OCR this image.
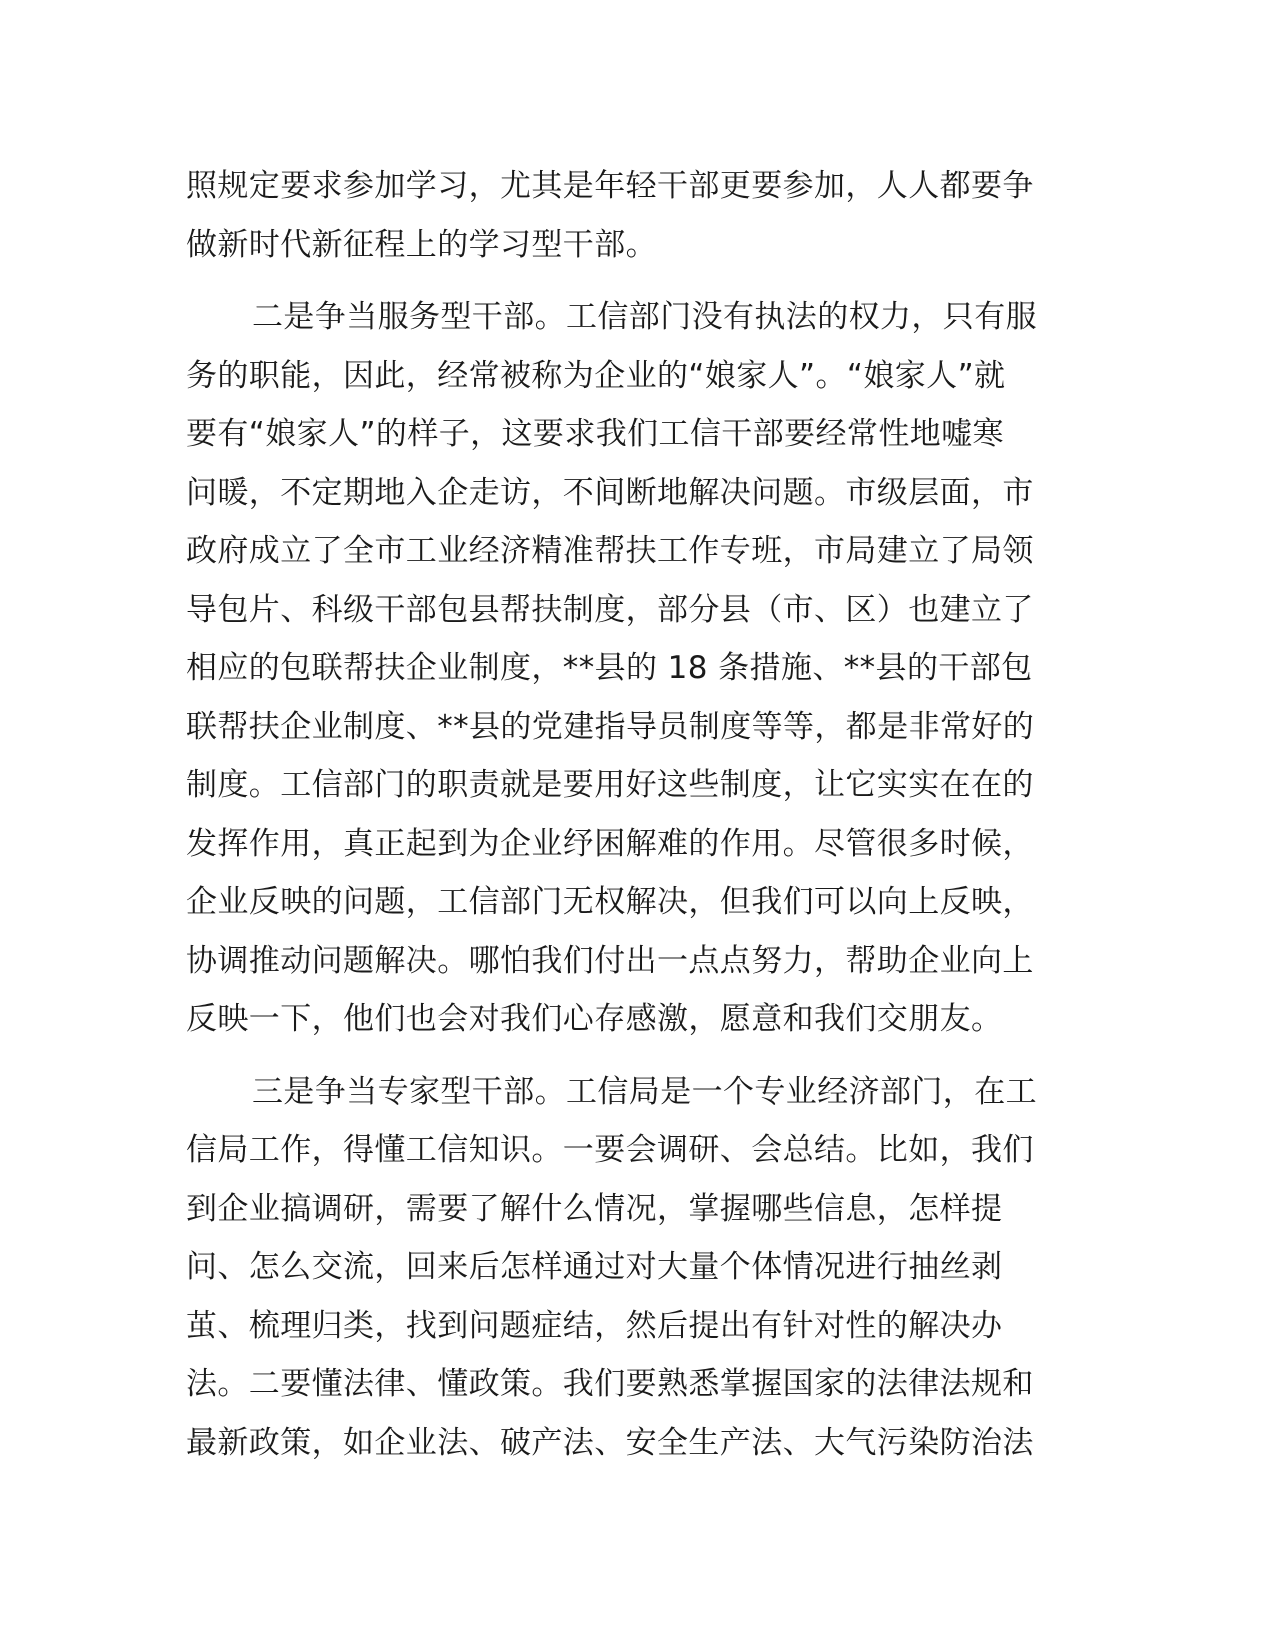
照规定要求参加学习，尤其是年轻干部更要参加，人人都要争
做新时代新征程上的学习型干部。
二是争当服务型干部。工信部门没有执法的权力，只有服
务的职能，因此，经常被称为企业的“娘家人”。“娘家人”就
要有“娘家人”的样子，这要求我们工信干部要经常性地嘘寒
问暖，不定期地入企走访，不间断地解决问题。市级层面，市
政府成立了全市工业经济精准帮扶工作专班，市局建立了局领
导包片、科级干部包县帮扶制度，部分县（市、区）也建立了
相应的包联帮扶企业制度，**县的 18 条措施、**县的干部包
联帮扶企业制度、**县的党建指导员制度等等，都是非常好的
制度。工信部门的职责就是要用好这些制度，让它实实在在的
发挥作用，真正起到为企业纾困解难的作用。尽管很多时候，
企业反映的问题，工信部门无权解决，但我们可以向上反映，
协调推动问题解决。哪怕我们付出一点点努力，帮助企业向上
反映一下，他们也会对我们心存感激，愿意和我们交朋友。
三是争当专家型干部。工信局是一个专业经济部门，在工
信局工作，得懂工信知识。一要会调研、会总结。比如，我们
到企业搞调研，需要了解什么情况，掌握哪些信息，怎样提
问、怎么交流，回来后怎样通过对大量个体情况进行抽丝剥
茧、梳理归类，找到问题症结，然后提出有针对性的解决办
法。二要懂法律、懂政策。我们要熟悉掌握国家的法律法规和
最新政策，如企业法、破产法、安全生产法、大气污染防治法
